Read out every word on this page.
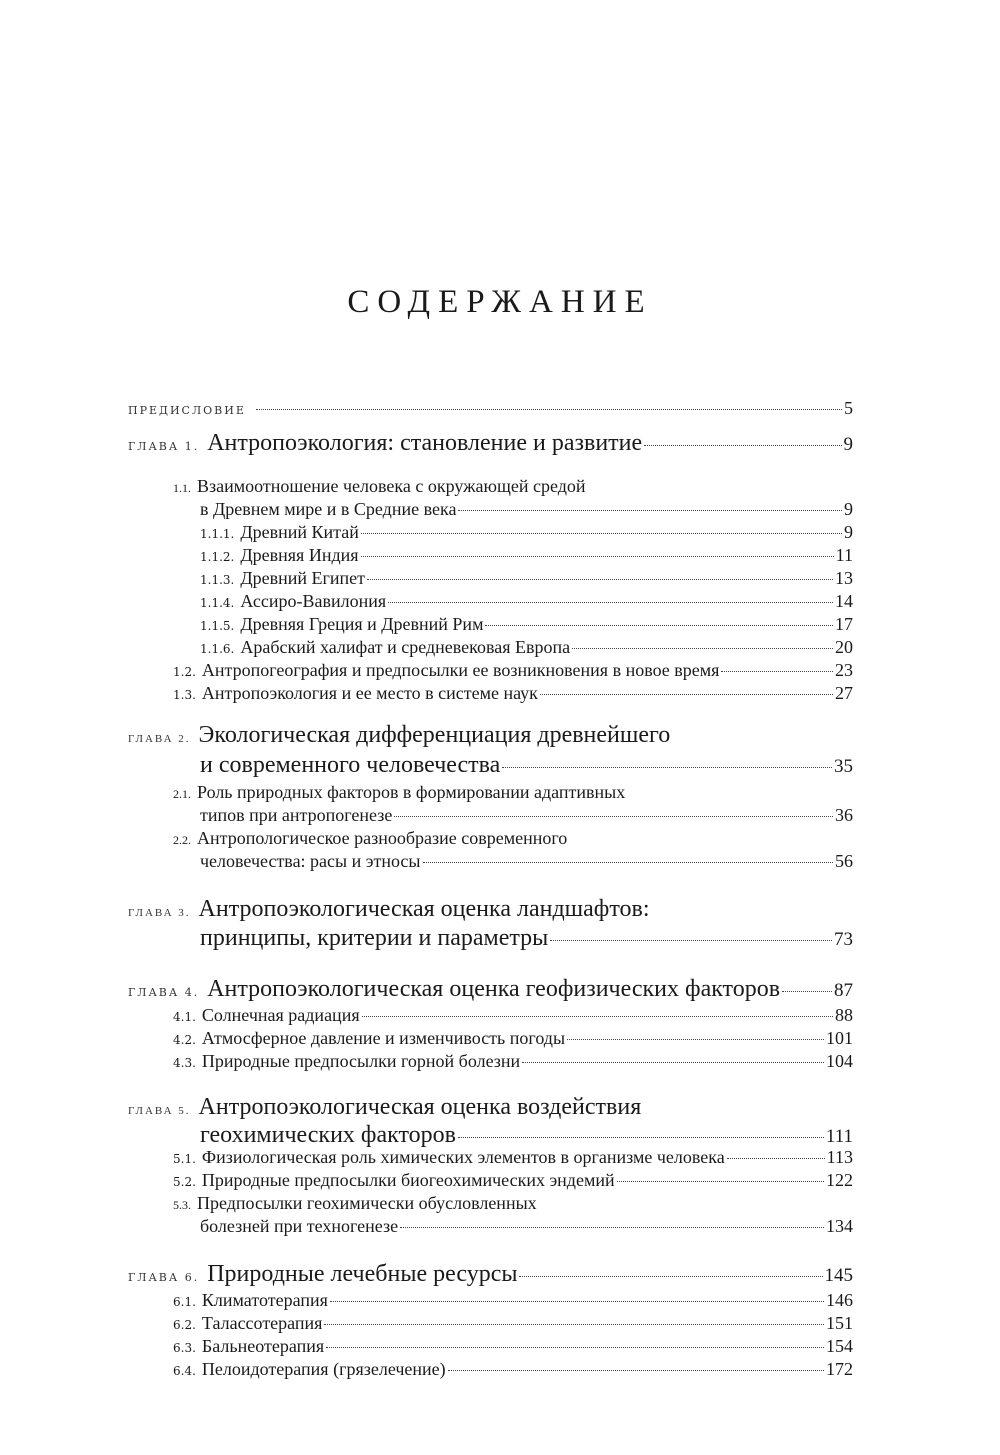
СОДЕРЖАНИЕ
ПРЕДИСЛОВИЕ	5
ГЛАВА 1. Антропоэкология: становление и развитие	9
1.1. Взаимоотношение человека с окружающей средой
в Древнем мире и в Средние века	9
1.1.1. Древний Китай	9
1.1.2. Древняя Индия	11
1.1.3. Древний Египет	13
1.1.4. Ассиро-Вавилония	14
1.1.5. Древняя Греция и Древний Рим	17
1.1.6. Арабский халифат и средневековая Европа	20
1.2. Антропогеография и предпосылки ее возникновения в новое время	23
1.3. Антропоэкология и ее место в системе наук	27
ГЛАВА 2. Экологическая дифференциация древнейшего
и современного человечества	35
2.1. Роль природных факторов в формировании адаптивных
типов при антропогенезе	36
2.2. Антропологическое разнообразие современного
человечества: расы и этносы	56
ГЛАВА 3. Антропоэкологическая оценка ландшафтов:
принципы, критерии и параметры	73
ГЛАВА 4. Антропоэкологическая оценка геофизических факторов	87
4.1. Солнечная радиация	88
4.2. Атмосферное давление и изменчивость погоды	101
4.3. Природные предпосылки горной болезни	104
ГЛАВА 5. Антропоэкологическая оценка воздействия
геохимических факторов	111
5.1. Физиологическая роль химических элементов в организме человека	113
5.2. Природные предпосылки биогеохимических эндемий	122
5.3. Предпосылки геохимически обусловленных
болезней при техногенезе	134
ГЛАВА 6. Природные лечебные ресурсы	145
6.1. Климатотерапия	146
6.2. Талассотерапия	151
6.3. Бальнеотерапия	154
6.4. Пелоидотерапия (грязелечение)	172
